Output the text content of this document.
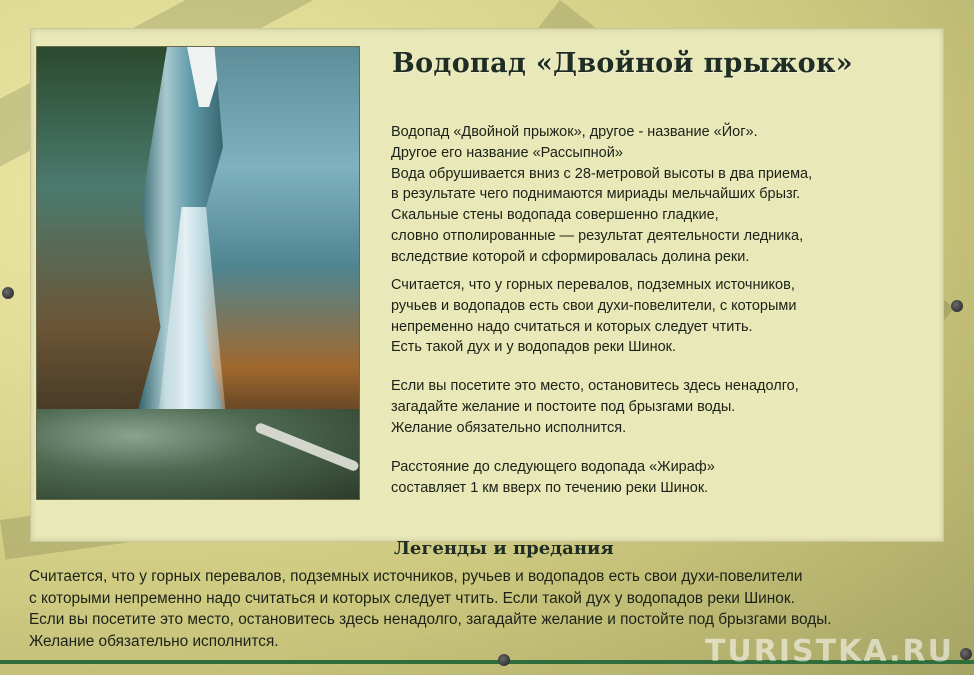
Водопад «Двойной прыжок»
Водопад «Двойной прыжок», другое - название «Йог».
Другое его название «Рассыпной»
Вода обрушивается вниз с 28-метровой высоты в два приема,
в результате чего поднимаются мириады мельчайших брызг.
Скальные стены водопада совершенно гладкие,
словно отполированные — результат деятельности ледника,
вследствие которой и сформировалась долина реки.
Считается, что у горных перевалов, подземных источников,
ручьев и водопадов есть свои духи-повелители, с которыми
непременно надо считаться и которых следует чтить.
Есть такой дух и у водопадов реки Шинок.
Если вы посетите это место, остановитесь здесь ненадолго,
загадайте желание и постоите под брызгами воды.
Желание обязательно исполнится.
Расстояние до следующего водопада «Жираф»
составляет 1 км вверх по течению реки Шинок.
Легенды и предания
Считается, что у горных перевалов, подземных источников, ручьев и водопадов есть свои духи-повелители
с которыми непременно надо считаться и которых следует чтить. Если такой дух у водопадов реки Шинок.
Если вы посетите это место, остановитесь здесь ненадолго, загадайте желание и постойте под брызгами воды.
Желание обязательно исполнится.	TURISTKA.RU
